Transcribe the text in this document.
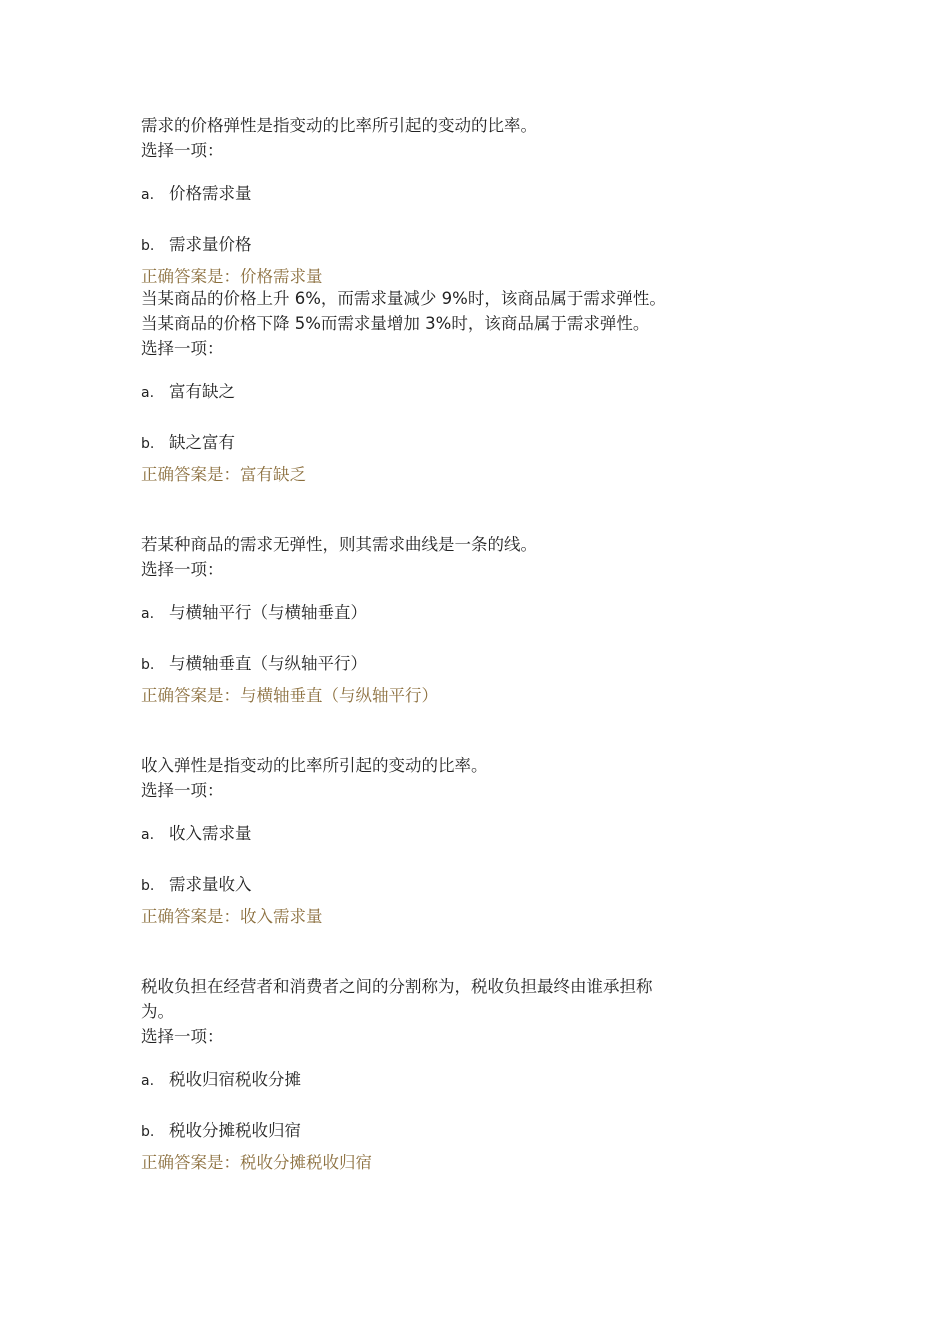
需求的价格弹性是指变动的比率所引起的变动的比率。
选择一项：
a. 价格需求量
b. 需求量价格
正确答案是：价格需求量
当某商品的价格上升 6%，而需求量减少 9%时，该商品属于需求弹性。
当某商品的价格下降 5%而需求量增加 3%时，该商品属于需求弹性。
选择一项：
a. 富有缺之
b. 缺之富有
正确答案是：富有缺乏
若某种商品的需求无弹性，则其需求曲线是一条的线。
选择一项：
a. 与横轴平行（与横轴垂直）
b. 与横轴垂直（与纵轴平行）
正确答案是：与横轴垂直（与纵轴平行）
收入弹性是指变动的比率所引起的变动的比率。
选择一项：
a. 收入需求量
b. 需求量收入
正确答案是：收入需求量
税收负担在经营者和消费者之间的分割称为，税收负担最终由谁承担称为。
选择一项：
a. 税收归宿税收分摊
b. 税收分摊税收归宿
正确答案是：税收分摊税收归宿
